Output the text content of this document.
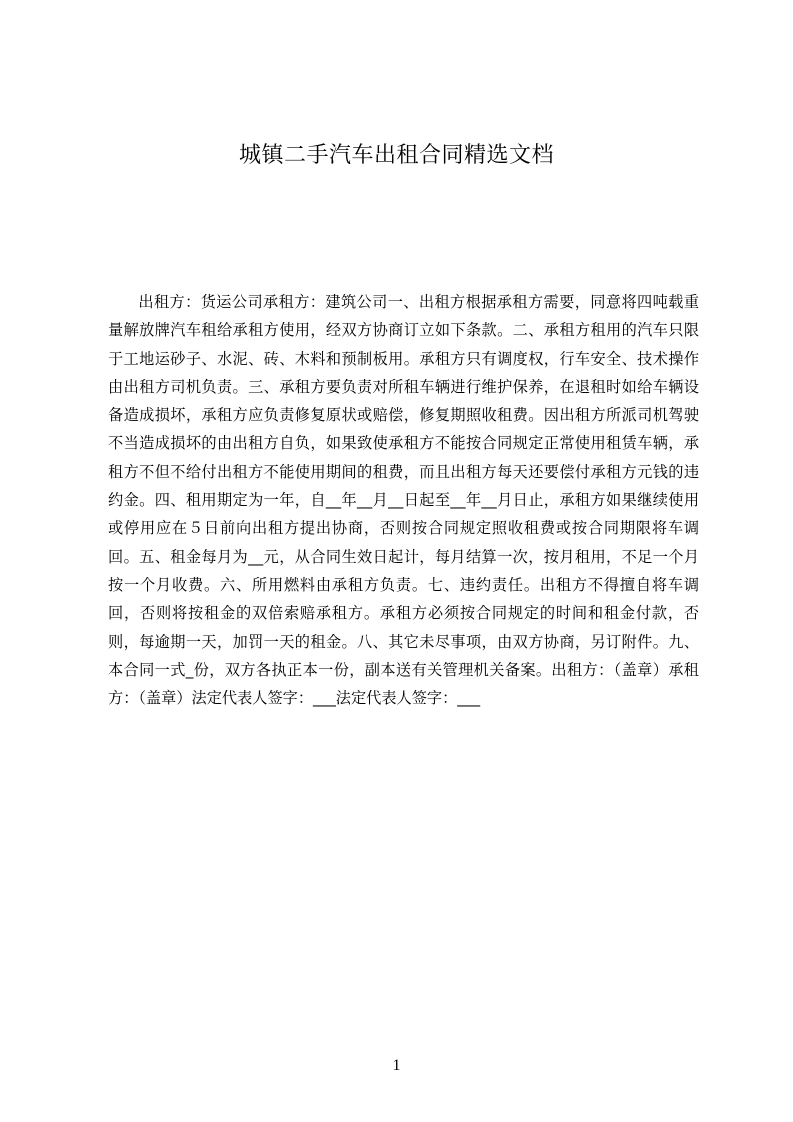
城镇二手汽车出租合同精选文档

出租方：货运公司承租方：建筑公司一、出租方根据承租方需要，同意将四吨载重量解放牌汽车租给承租方使用，经双方协商订立如下条款。二、承租方租用的汽车只限于工地运砂子、水泥、砖、木料和预制板用。承租方只有调度权，行车安全、技术操作由出租方司机负责。三、承租方要负责对所租车辆进行维护保养，在退租时如给车辆设备造成损坏，承租方应负责修复原状或赔偿，修复期照收租费。因出租方所派司机驾驶不当造成损坏的由出租方自负，如果致使承租方不能按合同规定正常使用租赁车辆，承租方不但不给付出租方不能使用期间的租费，而且出租方每天还要偿付承租方元钱的违约金。四、租用期定为一年，自__年__月__日起至__年__月日止，承租方如果继续使用或停用应在５日前向出租方提出协商，否则按合同规定照收租费或按合同期限将车调回。五、租金每月为__元，从合同生效日起计，每月结算一次，按月租用，不足一个月按一个月收费。六、所用燃料由承租方负责。七、违约责任。出租方不得擅自将车调回，否则将按租金的双倍索赔承租方。承租方必须按合同规定的时间和租金付款，否则，每逾期一天，加罚一天的租金。八、其它未尽事项，由双方协商，另订附件。九、本合同一式_份，双方各执正本一份，副本送有关管理机关备案。出租方：（盖章）承租方：（盖章）法定代表人签字：___法定代表人签字：___

1
